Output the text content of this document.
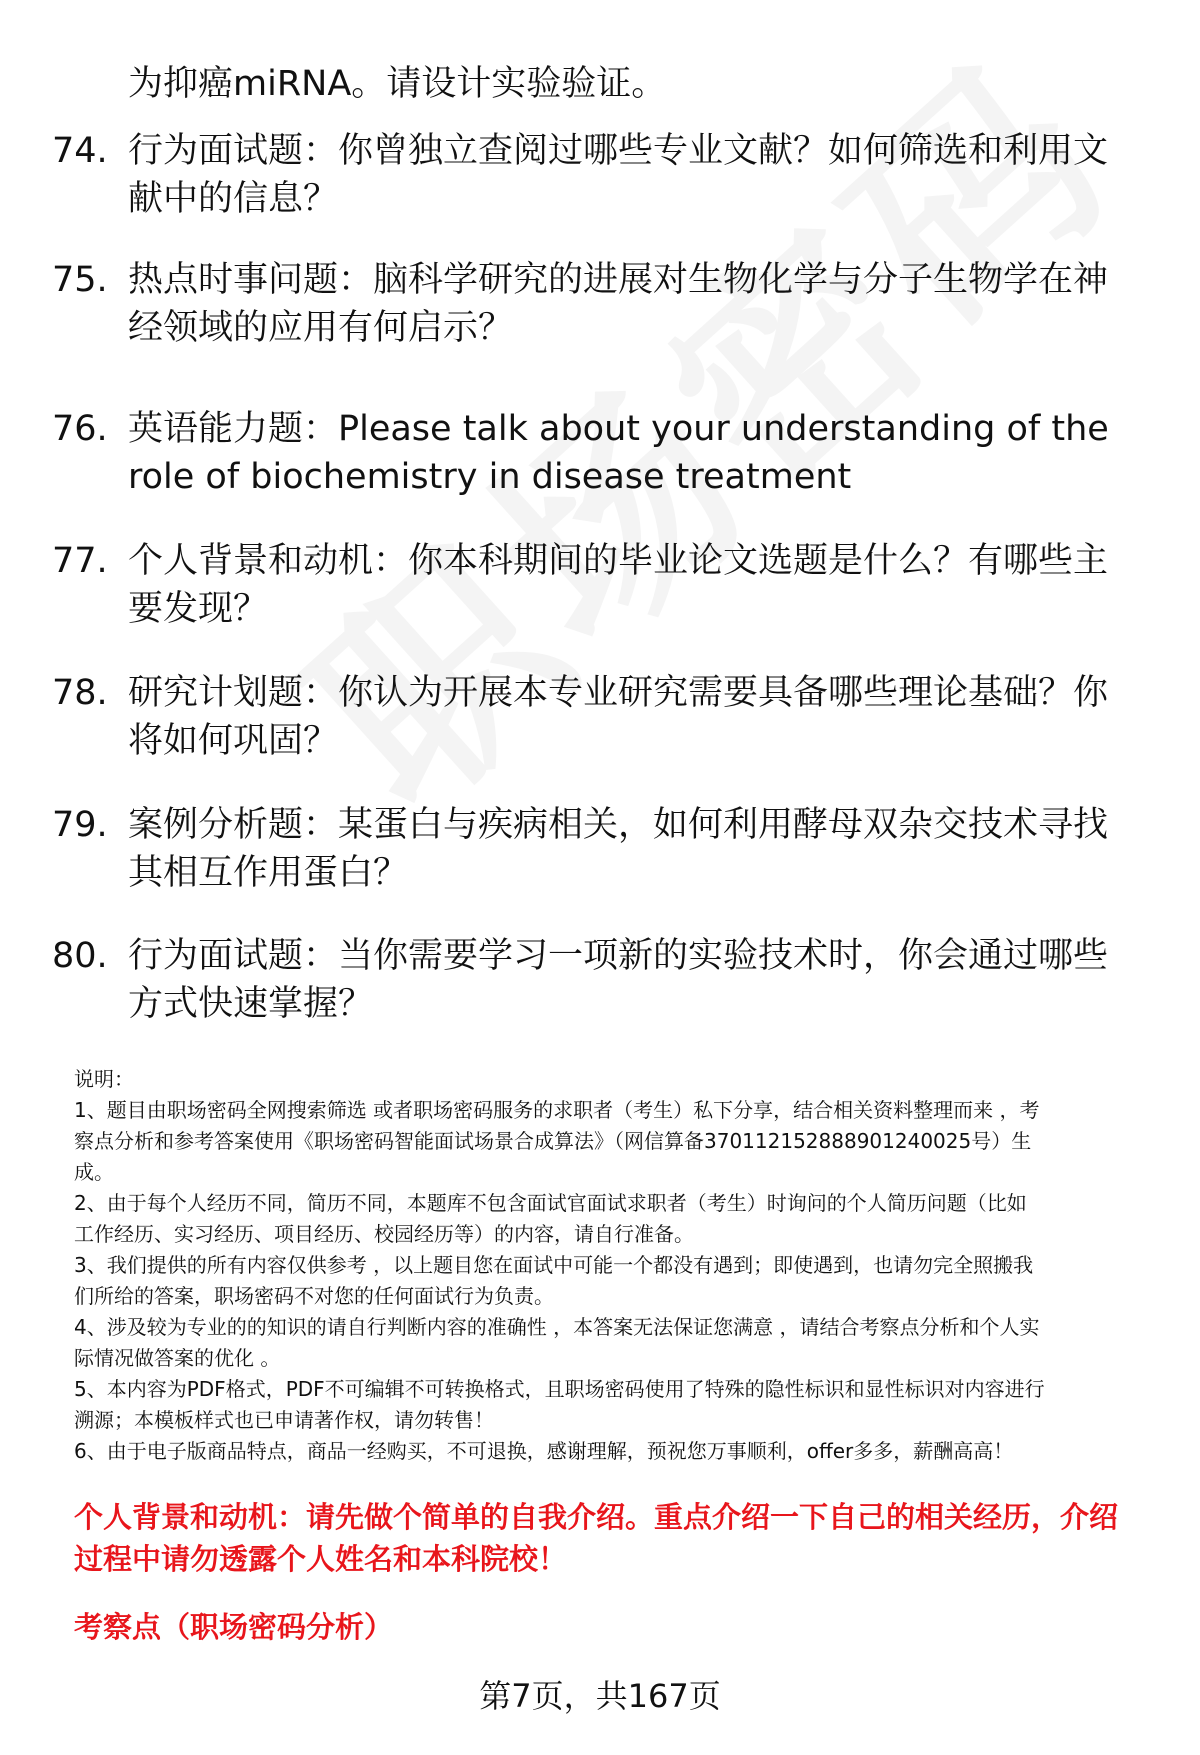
为抑癌miRNA。请设计实验验证。
74. 行为面试题：你曾独立查阅过哪些专业文献？如何筛选和利用文
献中的信息？
75. 热点时事问题：脑科学研究的进展对生物化学与分子生物学在神
经领域的应用有何启示？
76. 英语能力题：Please talk about your understanding of the
role of biochemistry in disease treatment
77. 个人背景和动机：你本科期间的毕业论文选题是什么？有哪些主
要发现？
78. 研究计划题：你认为开展本专业研究需要具备哪些理论基础？你
将如何巩固？
79. 案例分析题：某蛋白与疾病相关，如何利用酵母双杂交技术寻找
其相互作用蛋白？
80. 行为面试题：当你需要学习一项新的实验技术时，你会通过哪些
方式快速掌握？

说明：

1、题目由职场密码全网搜索筛选 或者职场密码服务的求职者（考生）私下分享，结合相关资料整理而来 ，考

察点分析和参考答案使用《职场密码智能面试场景合成算法》（网信算备370112152888901240025号）生

成。

2、由于每个人经历不同，简历不同，本题库不包含面试官面试求职者（考生）时询问的个人简历问题（比如

工作经历、实习经历、项目经历、校园经历等）的内容，请自行准备。

3、我们提供的所有内容仅供参考 ，以上题目您在面试中可能一个都没有遇到；即使遇到，也请勿完全照搬我

们所给的答案，职场密码不对您的任何面试行为负责。

4、涉及较为专业的的知识的请自行判断内容的准确性 ，本答案无法保证您满意 ，请结合考察点分析和个人实

际情况做答案的优化 。

5、本内容为PDF格式，PDF不可编辑不可转换格式，且职场密码使用了特殊的隐性标识和显性标识对内容进行

溯源；本模板样式也已申请著作权，请勿转售！

6、由于电子版商品特点，商品一经购买，不可退换，感谢理解，预祝您万事顺利，offer多多，薪酬高高！

个人背景和动机：请先做个简单的自我介绍。重点介绍一下自己的相关经历，介绍

过程中请勿透露个人姓名和本科院校！

考察点（职场密码分析）
第7页，共167页
